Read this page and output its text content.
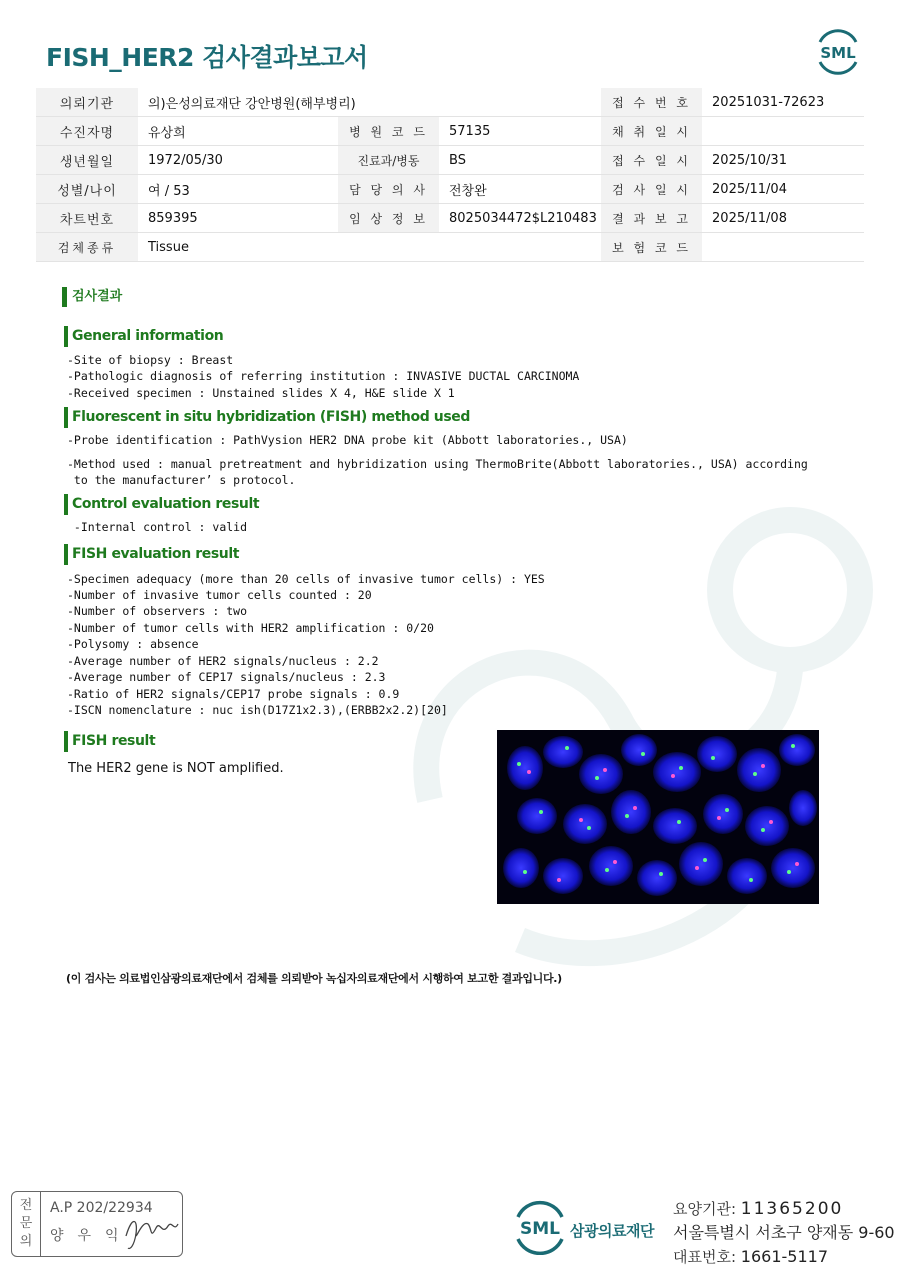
FISH_HER2 검사결과보고서	SML
의뢰기관	의)은성의료재단 강안병원(해부병리)			접 수 번 호	20251031-72623
수진자명	유상희	병 원 코 드	57135	채 취 일 시	
생년월일	1972/05/30	진료과/병동	BS	접 수 일 시	2025/10/31
성별/나이	여 / 53	담 당 의 사	전창완	검 사 일 시	2025/11/04
차트번호	859395	임 상 정 보	8025034472$L210483	결 과 보 고	2025/11/08
검체종류	Tissue			보 험 코 드	
검사결과
General information

-Site of biopsy : Breast

-Pathologic diagnosis of referring institution : INVASIVE DUCTAL CARCINOMA

-Received specimen : Unstained slides X 4, H&E slide X 1

Fluorescent in situ hybridization (FISH) method used

-Probe identification : PathVysion HER2 DNA probe kit (Abbott laboratories., USA)

-Method used : manual pretreatment and hybridization using ThermoBrite(Abbott laboratories., USA) according

to the manufacturer’ s protocol.

Control evaluation result

-Internal control : valid

FISH evaluation result

-Specimen adequacy (more than 20 cells of invasive tumor cells) : YES

-Number of invasive tumor cells counted : 20

-Number of observers : two

-Number of tumor cells with HER2 amplification : 0/20

-Polysomy : absence

-Average number of HER2 signals/nucleus : 2.2

-Average number of CEP17 signals/nucleus : 2.3

-Ratio of HER2 signals/CEP17 probe signals : 0.9

-ISCN nomenclature : nuc ish(D17Z1x2.3),(ERBB2x2.2)[20]

FISH result

The HER2 gene is NOT amplified.

(이 검사는 의료법인삼광의료재단에서 검체를 의뢰받아 녹십자의료재단에서 시행하여 보고한 결과입니다.)

전
문
의
A.P 202/22934
양우익	SML 삼광의료재단
요양기관: 11365200
서울특별시 서초구 양재동 9-60
대표번호: 1661-5117
